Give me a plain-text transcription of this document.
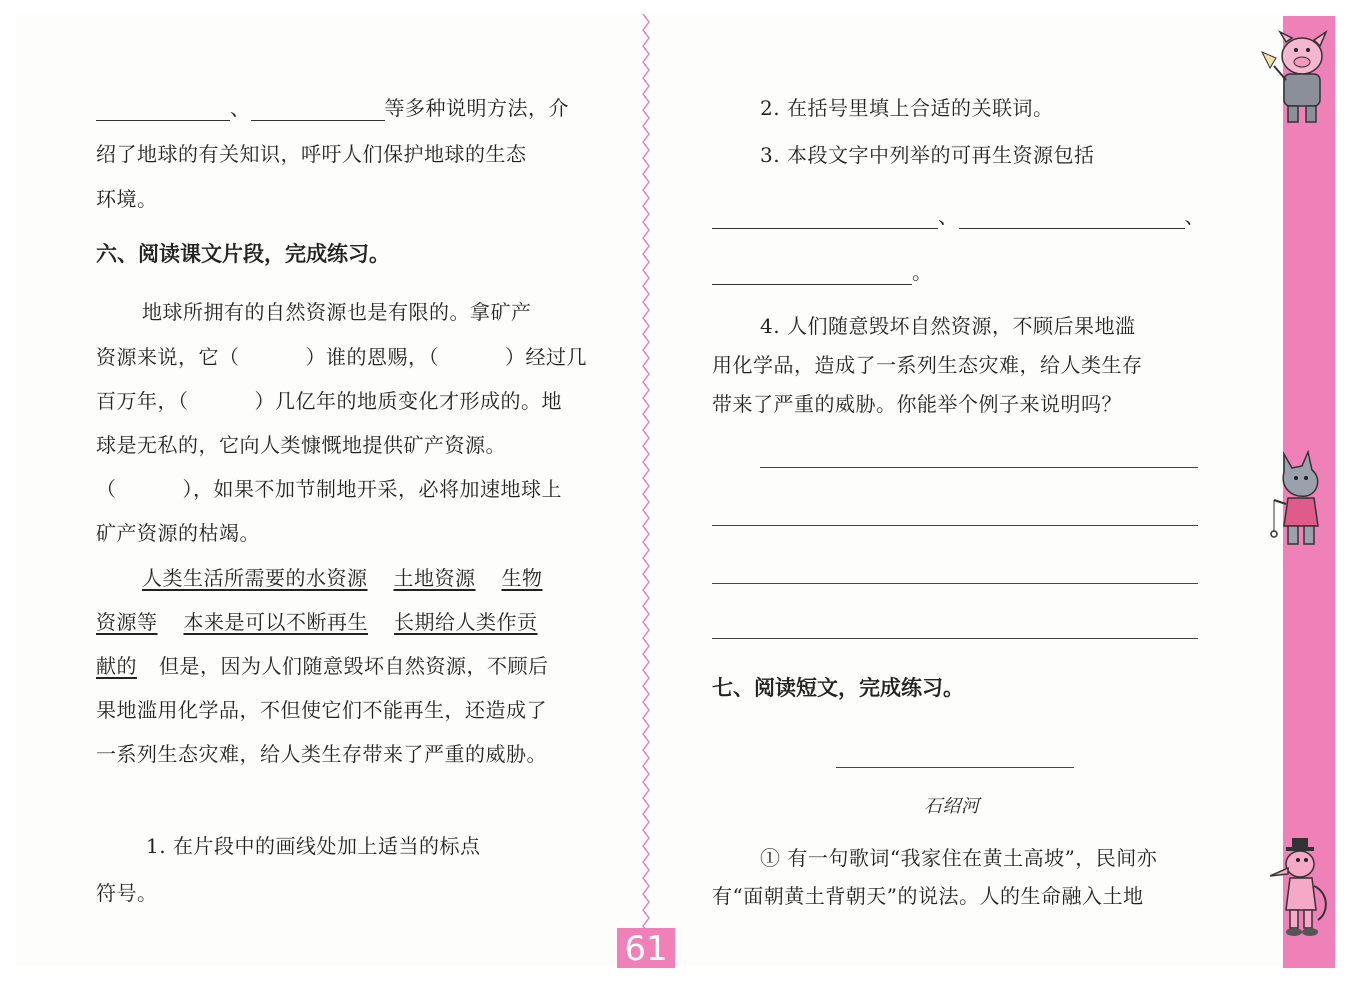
、	等多种说明方法，介
绍了地球的有关知识，呼吁人们保护地球的生态
环境。
六、阅读课文片段，完成练习。
地球所拥有的自然资源也是有限的。拿矿产
资源来说，它（	）谁的恩赐，（	）经过几
百万年，（	）几亿年的地质变化才形成的。地
球是无私的，它向人类慷慨地提供矿产资源。
（	），如果不加节制地开采，必将加速地球上
矿产资源的枯竭。
人类生活所需要的水资源 土地资源 生物
资源等 本来是可以不断再生 长期给人类作贡
献的 但是，因为人们随意毁坏自然资源，不顾后
果地滥用化学品，不但使它们不能再生，还造成了
一系列生态灾难，给人类生存带来了严重的威胁。
1. 在片段中的画线处加上适当的标点
符号。
2. 在括号里填上合适的关联词。
3. 本段文字中列举的可再生资源包括
、	、
。
4. 人们随意毁坏自然资源，不顾后果地滥
用化学品，造成了一系列生态灾难，给人类生存
带来了严重的威胁。你能举个例子来说明吗？
七、阅读短文，完成练习。
石绍河
① 有一句歌词“我家住在黄土高坡”，民间亦
有“面朝黄土背朝天”的说法。人的生命融入土地
61
